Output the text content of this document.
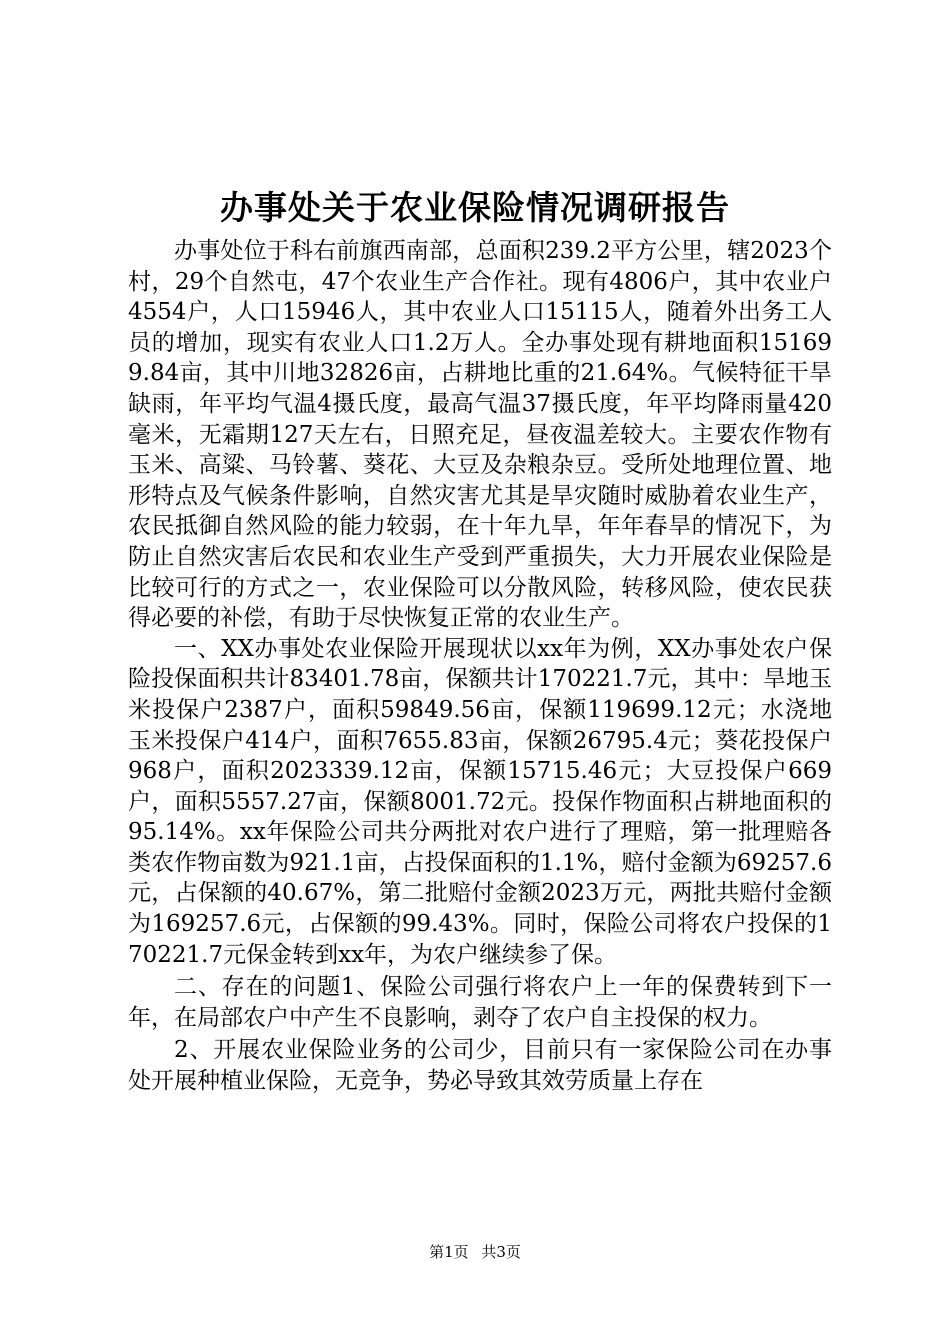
办事处关于农业保险情况调研报告

办事处位于科右前旗西南部，总面积239.2平方公里，辖2023个村，29个自然屯，47个农业生产合作社。现有4806户，其中农业户4554户，人口15946人，其中农业人口15115人，随着外出务工人员的增加，现实有农业人口1.2万人。全办事处现有耕地面积151699.84亩，其中川地32826亩，占耕地比重的21.64%。气候特征干旱缺雨，年平均气温4摄氏度，最高气温37摄氏度，年平均降雨量420毫米，无霜期127天左右，日照充足，昼夜温差较大。主要农作物有玉米、高粱、马铃薯、葵花、大豆及杂粮杂豆。受所处地理位置、地形特点及气候条件影响，自然灾害尤其是旱灾随时威胁着农业生产，农民抵御自然风险的能力较弱，在十年九旱，年年春旱的情况下，为防止自然灾害后农民和农业生产受到严重损失，大力开展农业保险是比较可行的方式之一，农业保险可以分散风险，转移风险，使农民获得必要的补偿，有助于尽快恢复正常的农业生产。

一、XX办事处农业保险开展现状以xx年为例，XX办事处农户保险投保面积共计83401.78亩，保额共计170221.7元，其中：旱地玉米投保户2387户，面积59849.56亩，保额119699.12元；水浇地玉米投保户414户，面积7655.83亩，保额26795.4元；葵花投保户968户，面积2023339.12亩，保额15715.46元；大豆投保户669户，面积5557.27亩，保额8001.72元。投保作物面积占耕地面积的95.14%。xx年保险公司共分两批对农户进行了理赔，第一批理赔各类农作物亩数为921.1亩，占投保面积的1.1%，赔付金额为69257.6元，占保额的40.67%，第二批赔付金额2023万元，两批共赔付金额为169257.6元，占保额的99.43%。同时，保险公司将农户投保的170221.7元保金转到xx年，为农户继续参了保。

二、存在的问题1、保险公司强行将农户上一年的保费转到下一年，在局部农户中产生不良影响，剥夺了农户自主投保的权力。

2、开展农业保险业务的公司少，目前只有一家保险公司在办事处开展种植业保险，无竞争，势必导致其效劳质量上存在

第1页 共3页
